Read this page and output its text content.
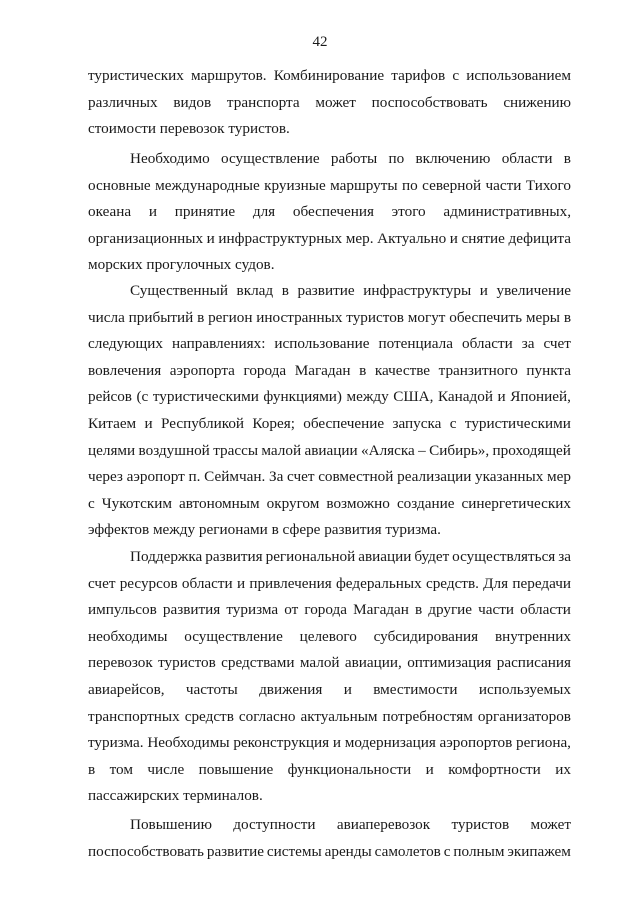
42
туристических маршрутов. Комбинирование тарифов с использованием
различных видов транспорта может поспособствовать снижению
стоимости перевозок туристов.
Необходимо осуществление работы по включению области в
основные международные круизные маршруты по северной части Тихого
океана и принятие для обеспечения этого административных,
организационных и инфраструктурных мер. Актуально и снятие дефицита
морских прогулочных судов.
Существенный вклад в развитие инфраструктуры и увеличение
числа прибытий в регион иностранных туристов могут обеспечить меры в
следующих направлениях: использование потенциала области за счет
вовлечения аэропорта города Магадан в качестве транзитного пункта
рейсов (с туристическими функциями) между США, Канадой и Японией,
Китаем и Республикой Корея; обеспечение запуска с туристическими
целями воздушной трассы малой авиации «Аляска – Сибирь», проходящей
через аэропорт п. Сеймчан. За счет совместной реализации указанных мер
с Чукотским автономным округом возможно создание синергетических
эффектов между регионами в сфере развития туризма.
Поддержка развития региональной авиации будет осуществляться за
счет ресурсов области и привлечения федеральных средств. Для передачи
импульсов развития туризма от города Магадан в другие части области
необходимы осуществление целевого субсидирования внутренних
перевозок туристов средствами малой авиации, оптимизация расписания
авиарейсов, частоты движения и вместимости используемых
транспортных средств согласно актуальным потребностям организаторов
туризма. Необходимы реконструкция и модернизация аэропортов региона,
в том числе повышение функциональности и комфортности их
пассажирских терминалов.
Повышению доступности авиаперевозок туристов может
поспособствовать развитие системы аренды самолетов с полным экипажем
